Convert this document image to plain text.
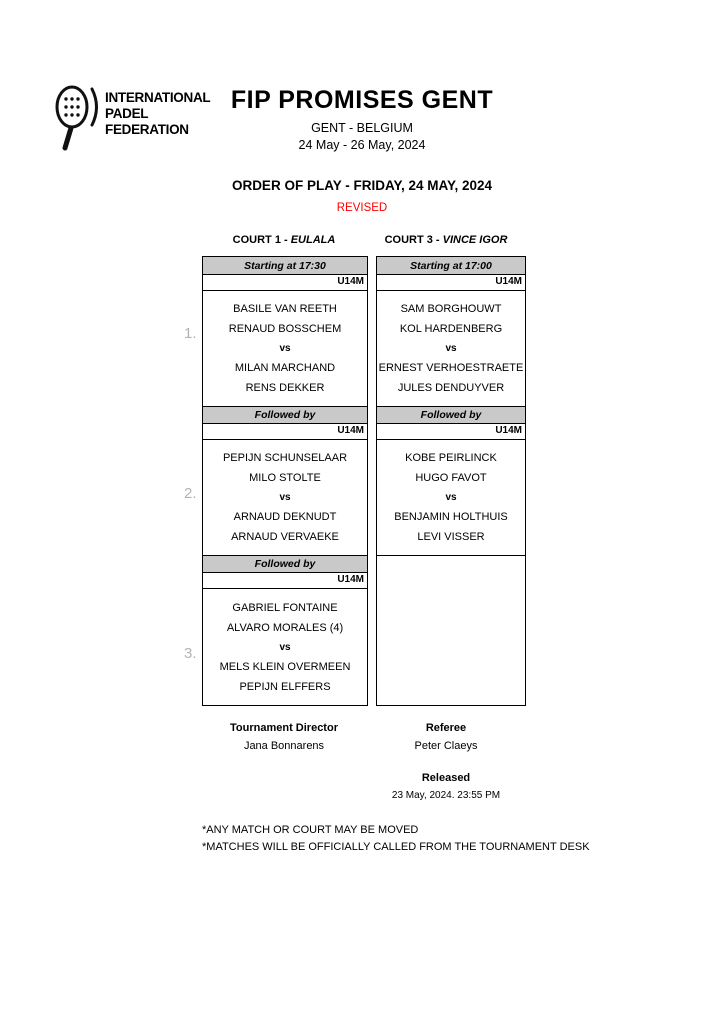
INTERNATIONAL
PADEL
FEDERATION
FIP PROMISES GENT
GENT - BELGIUM
24 May - 26 May, 2024
ORDER OF PLAY - FRIDAY, 24 MAY, 2024
REVISED
COURT 1 - EULALA	COURT 3 - VINCE IGOR
1.
2.
3.
Starting at 17:30
U14M
BASILE VAN REETH
RENAUD BOSSCHEM
vs
MILAN MARCHAND
RENS DEKKER
Followed by
U14M
PEPIJN SCHUNSELAAR
MILO STOLTE
vs
ARNAUD DEKNUDT
ARNAUD VERVAEKE
Followed by
U14M
GABRIEL FONTAINE
ALVARO MORALES (4)
vs
MELS KLEIN OVERMEEN
PEPIJN ELFFERS
Starting at 17:00
U14M
SAM BORGHOUWT
KOL HARDENBERG
vs
ERNEST VERHOESTRAETE
JULES DENDUYVER
Followed by
U14M
KOBE PEIRLINCK
HUGO FAVOT
vs
BENJAMIN HOLTHUIS
LEVI VISSER
Tournament Director
Jana Bonnarens
Referee
Peter Claeys
Released
23 May, 2024. 23:55 PM
*ANY MATCH OR COURT MAY BE MOVED
*MATCHES WILL BE OFFICIALLY CALLED FROM THE TOURNAMENT DESK
